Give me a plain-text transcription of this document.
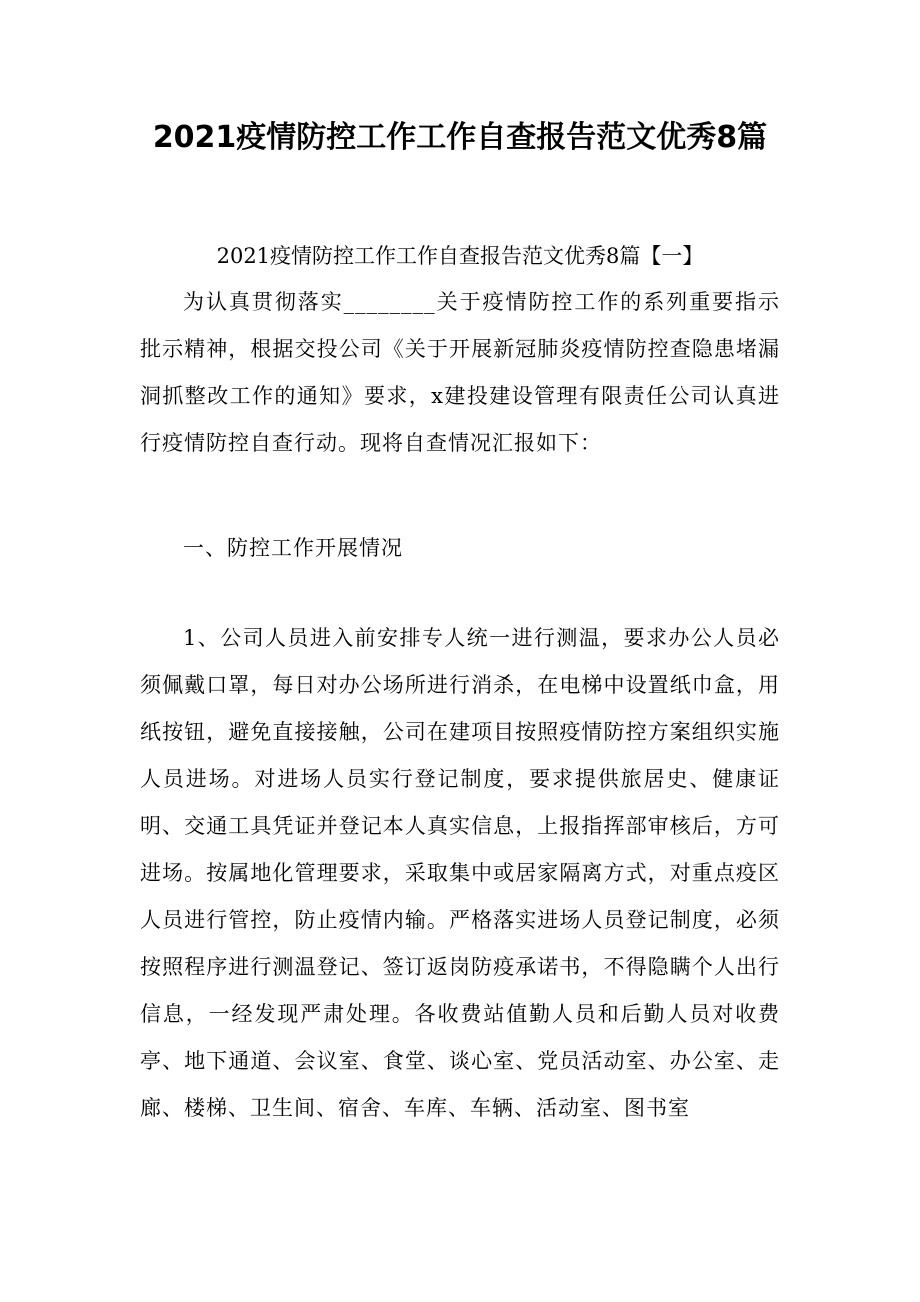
2021疫情防控工作工作自查报告范文优秀8篇

2021疫情防控工作工作自查报告范文优秀8篇【一】

为认真贯彻落实________关于疫情防控工作的系列重要指示批示精神，根据交投公司《关于开展新冠肺炎疫情防控查隐患堵漏洞抓整改工作的通知》要求，x建投建设管理有限责任公司认真进行疫情防控自查行动。现将自查情况汇报如下：

一、防控工作开展情况

1、公司人员进入前安排专人统一进行测温，要求办公人员必须佩戴口罩，每日对办公场所进行消杀，在电梯中设置纸巾盒，用纸按钮，避免直接接触，公司在建项目按照疫情防控方案组织实施人员进场。对进场人员实行登记制度，要求提供旅居史、健康证明、交通工具凭证并登记本人真实信息，上报指挥部审核后，方可进场。按属地化管理要求，采取集中或居家隔离方式，对重点疫区人员进行管控，防止疫情内输。严格落实进场人员登记制度，必须按照程序进行测温登记、签订返岗防疫承诺书，不得隐瞒个人出行信息，一经发现严肃处理。各收费站值勤人员和后勤人员对收费亭、地下通道、会议室、食堂、谈心室、党员活动室、办公室、走廊、楼梯、卫生间、宿舍、车库、车辆、活动室、图书室
